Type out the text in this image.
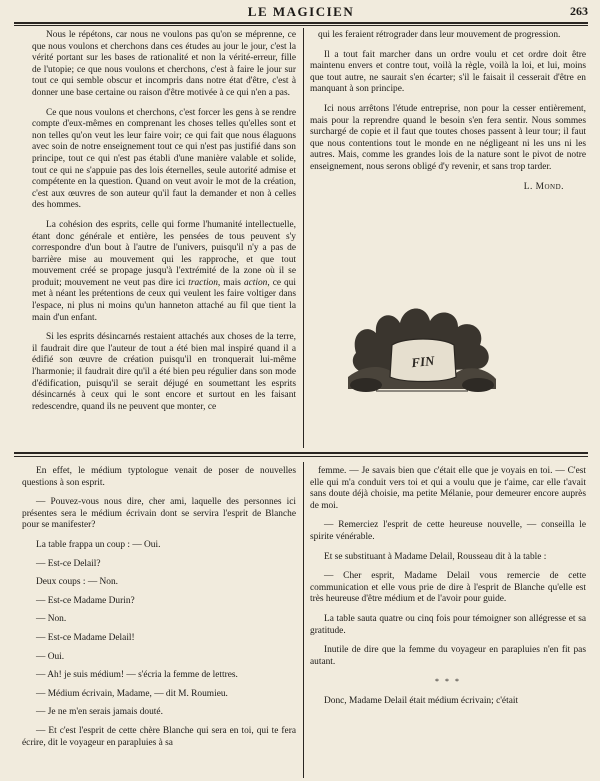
LE MAGICIEN	263

Nous le répétons, car nous ne voulons pas qu'on se méprenne, ce que nous voulons et cherchons dans ces études au jour le jour, c'est la vérité portant sur les bases de rationalité et non la vérité-erreur, fille de l'utopie; ce que nous voulons et cherchons, c'est à faire le jour sur tout ce qui semble obscur et incompris dans notre état d'être, c'est à donner une base certaine ou raison d'être motivée à ce qui n'en a pas.

Ce que nous voulons et cherchons, c'est forcer les gens à se rendre compte d'eux-mêmes en comprenant les choses telles qu'elles sont et non telles qu'on veut les leur faire voir; ce qui fait que nous élaguons avec soin de notre enseignement tout ce qui n'est pas justifié dans son principe, tout ce qui n'est pas établi d'une manière valable et solide, tout ce qui ne s'appuie pas des lois éternelles, seule autorité admise et compétente en la question. Quand on veut avoir le mot de la création, c'est aux œuvres de son auteur qu'il faut la demander et non à celles des hommes.

La cohésion des esprits, celle qui forme l'humanité intellectuelle, étant donc générale et entière, les pensées de tous peuvent s'y correspondre d'un bout à l'autre de l'univers, puisqu'il n'y a pas de barrière mise au mouvement qui les rapproche, et que tout mouvement créé se propage jusqu'à l'extrémité de la zone où il se produit; mouvement ne veut pas dire ici traction, mais action, ce qui met à néant les prétentions de ceux qui veulent les faire voltiger dans l'espace, ni plus ni moins qu'un hanneton attaché au fil que tient la main d'un enfant.

Si les esprits désincarnés restaient attachés aux choses de la terre, il faudrait dire que l'auteur de tout a été bien mal inspiré quand il a édifié son œuvre de création puisqu'il en tronquerait lui-même l'harmonie; il faudrait dire qu'il a été bien peu régulier dans son mode d'édification, puisqu'il se serait déjugé en soumettant les esprits désincarnés à ceux qui le sont encore et surtout en les faisant redescendre, quand ils ne peuvent que monter, ce

qui les feraient rétrograder dans leur mouvement de progression.

Il a tout fait marcher dans un ordre voulu et cet ordre doit être maintenu envers et contre tout, voilà la règle, voilà la loi, et lui, moins que tout autre, ne saurait s'en écarter; s'il le faisait il cesserait d'être en manquant à son principe.

Ici nous arrêtons l'étude entreprise, non pour la cesser entièrement, mais pour la reprendre quand le besoin s'en fera sentir. Nous sommes surchargé de copie et il faut que toutes choses passent à leur tour; il faut que nous contentions tout le monde en ne négligeant ni les uns ni les autres. Mais, comme les grandes lois de la nature sont le pivot de notre enseignement, nous serons obligé d'y revenir, et sans trop tarder.

L. Mond.
FIN

En effet, le médium typtologue venait de poser de nouvelles questions à son esprit.

— Pouvez-vous nous dire, cher ami, laquelle des personnes ici présentes sera le médium écrivain dont se servira l'esprit de Blanche pour se manifester?

La table frappa un coup : — Oui.

— Est-ce Delail?

Deux coups : — Non.

— Est-ce Madame Durin?

— Non.

— Est-ce Madame Delail!

— Oui.

— Ah! je suis médium! — s'écria la femme de lettres.

— Médium écrivain, Madame, — dit M. Roumieu.

— Je ne m'en serais jamais douté.

— Et c'est l'esprit de cette chère Blanche qui sera en toi, qui te fera écrire, dit le voyageur en parapluies à sa

femme. — Je savais bien que c'était elle que je voyais en toi. — C'est elle qui m'a conduit vers toi et qui a voulu que je t'aime, car elle t'avait sans doute déjà choisie, ma petite Mélanie, pour demeurer encore auprès de moi.

— Remerciez l'esprit de cette heureuse nouvelle, — conseilla le spirite vénérable.

Et se substituant à Madame Delail, Rousseau dit à la table :

— Cher esprit, Madame Delail vous remercie de cette communication et elle vous prie de dire à l'esprit de Blanche qu'elle est très heureuse d'être médium et de l'avoir pour guide.

La table sauta quatre ou cinq fois pour témoigner son allégresse et sa gratitude.

Inutile de dire que la femme du voyageur en parapluies n'en fit pas autant.

* * *

Donc, Madame Delail était médium écrivain; c'était
